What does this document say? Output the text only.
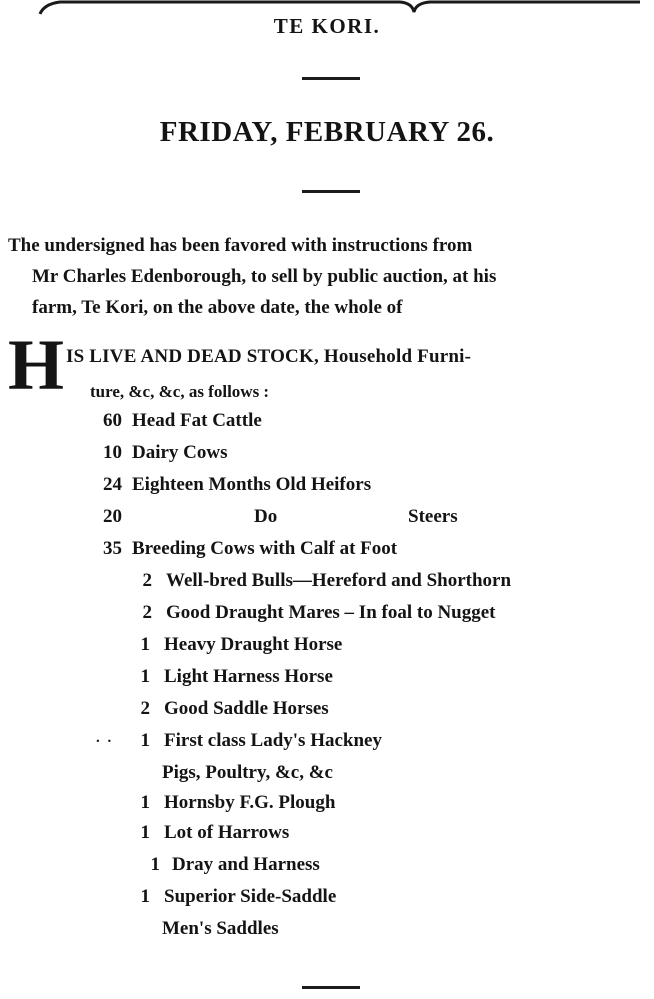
TE KORI.
FRIDAY, FEBRUARY 26.
The undersigned has been favored with instructions from
Mr Charles Edenborough, to sell by public auction, at his
farm, Te Kori, on the above date, the whole of
H IS LIVE AND DEAD STOCK, Household Furni-
ture, &c, &c, as follows :
60 Head Fat Cattle
10 Dairy Cows
24 Eighteen Months Old Heifors
20	Do	Steers
35 Breeding Cows with Calf at Foot
2 Well-bred Bulls—Hereford and Shorthorn
2 Good Draught Mares – In foal to Nugget
1 Heavy Draught Horse
1 Light Harness Horse
2 Good Saddle Horses
. .	1 First class Lady's Hackney
Pigs, Poultry, &c, &c
1 Hornsby F.G. Plough
1 Lot of Harrows
1 Dray and Harness
1 Superior Side-Saddle
Men's Saddles
